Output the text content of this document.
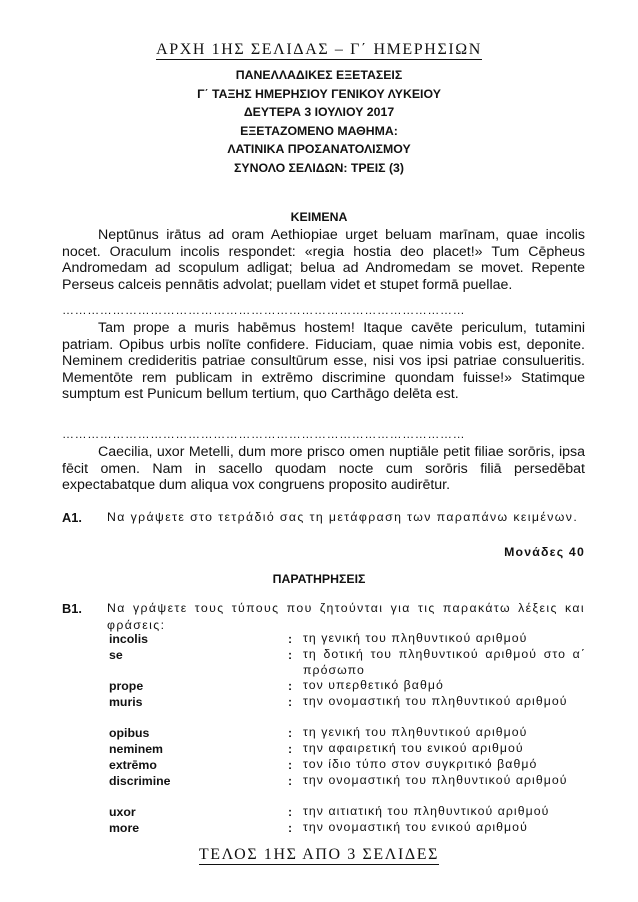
ΑΡΧΗ 1ΗΣ ΣΕΛΙΔΑΣ – Γ΄ ΗΜΕΡΗΣΙΩΝ
ΠΑΝΕΛΛΑΔΙΚΕΣ ΕΞΕΤΑΣΕΙΣ
Γ΄ ΤΑΞΗΣ ΗΜΕΡΗΣΙΟΥ ΓΕΝΙΚΟΥ ΛΥΚΕΙΟΥ
ΔΕΥΤΕΡΑ 3 ΙΟΥΛΙΟΥ 2017
ΕΞΕΤΑΖΟΜΕΝΟ ΜΑΘΗΜΑ:
ΛΑΤΙΝΙΚΑ ΠΡΟΣΑΝΑΤΟΛΙΣΜΟΥ
ΣΥΝΟΛΟ ΣΕΛΙΔΩΝ: ΤΡΕΙΣ (3)
ΚΕΙΜΕΝΑ

Neptūnus irātus ad oram Aethiopiae urget beluam marīnam, quae incolis nocet. Oraculum incolis respondet: «regia hostia deo placet!» Tum Cēpheus Andromedam ad scopulum adligat; belua ad Andromedam se movet. Repente Perseus calceis pennātis advolat; puellam videt et stupet formā puellae.

……………………………………………………………………………………

Tam prope a muris habēmus hostem! Itaque cavēte periculum, tutamini patriam. Opibus urbis nolīte confidere. Fiduciam, quae nimia vobis est, deponite. Neminem credideritis patriae consultūrum esse, nisi vos ipsi patriae consulueritis. Mementōte rem publicam in extrēmo discrimine quondam fuisse!» Statimque sumptum est Punicum bellum tertium, quo Carthāgo delēta est.

……………………………………………………………………………………

Caecilia, uxor Metelli, dum more prisco omen nuptiāle petit filiae sorōris, ipsa fēcit omen. Nam in sacello quodam nocte cum sorōris filiā persedēbat expectabatque dum aliqua vox congruens proposito audirētur.

Α1. Να γράψετε στο τετράδιό σας τη μετάφραση των παραπάνω κειμένων.

Μονάδες 40
ΠΑΡΑΤΗΡΗΣΕΙΣ
Β1. Να γράψετε τους τύπους που ζητούνται για τις παρακάτω λέξεις και φράσεις:

incolis	: τη γενική του πληθυντικού αριθμού
se	: τη δοτική του πληθυντικού αριθμού στο α΄ πρόσωπο
prope	: τον υπερθετικό βαθμό
muris	: την ονομαστική του πληθυντικού αριθμού
opibus	: τη γενική του πληθυντικού αριθμού
neminem	: την αφαιρετική του ενικού αριθμού
extrēmo	: τον ίδιο τύπο στον συγκριτικό βαθμό
discrimine	: την ονομαστική του πληθυντικού αριθμού
uxor	: την αιτιατική του πληθυντικού αριθμού
more	: την ονομαστική του ενικού αριθμού
ΤΕΛΟΣ 1ΗΣ ΑΠΟ 3 ΣΕΛΙΔΕΣ
